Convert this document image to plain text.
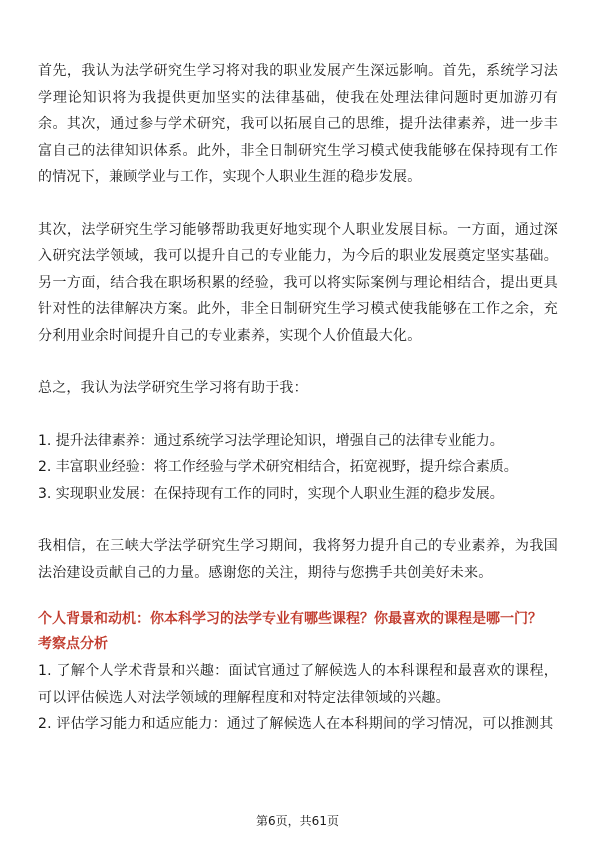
首先，我认为法学研究生学习将对我的职业发展产生深远影响。首先，系统学习法学理论知识将为我提供更加坚实的法律基础，使我在处理法律问题时更加游刃有余。其次，通过参与学术研究，我可以拓展自己的思维，提升法律素养，进一步丰富自己的法律知识体系。此外，非全日制研究生学习模式使我能够在保持现有工作的情况下，兼顾学业与工作，实现个人职业生涯的稳步发展。

其次，法学研究生学习能够帮助我更好地实现个人职业发展目标。一方面，通过深入研究法学领域，我可以提升自己的专业能力，为今后的职业发展奠定坚实基础。另一方面，结合我在职场积累的经验，我可以将实际案例与理论相结合，提出更具针对性的法律解决方案。此外，非全日制研究生学习模式使我能够在工作之余，充分利用业余时间提升自己的专业素养，实现个人价值最大化。

总之，我认为法学研究生学习将有助于我：

1. 提升法律素养：通过系统学习法学理论知识，增强自己的法律专业能力。

2. 丰富职业经验：将工作经验与学术研究相结合，拓宽视野，提升综合素质。

3. 实现职业发展：在保持现有工作的同时，实现个人职业生涯的稳步发展。

我相信，在三峡大学法学研究生学习期间，我将努力提升自己的专业素养，为我国法治建设贡献自己的力量。感谢您的关注，期待与您携手共创美好未来。

个人背景和动机：你本科学习的法学专业有哪些课程？你最喜欢的课程是哪一门？

考察点分析

1. 了解个人学术背景和兴趣：面试官通过了解候选人的本科课程和最喜欢的课程，可以评估候选人对法学领域的理解程度和对特定法律领域的兴趣。

2. 评估学习能力和适应能力：通过了解候选人在本科期间的学习情况，可以推测其

第6页，共61页
